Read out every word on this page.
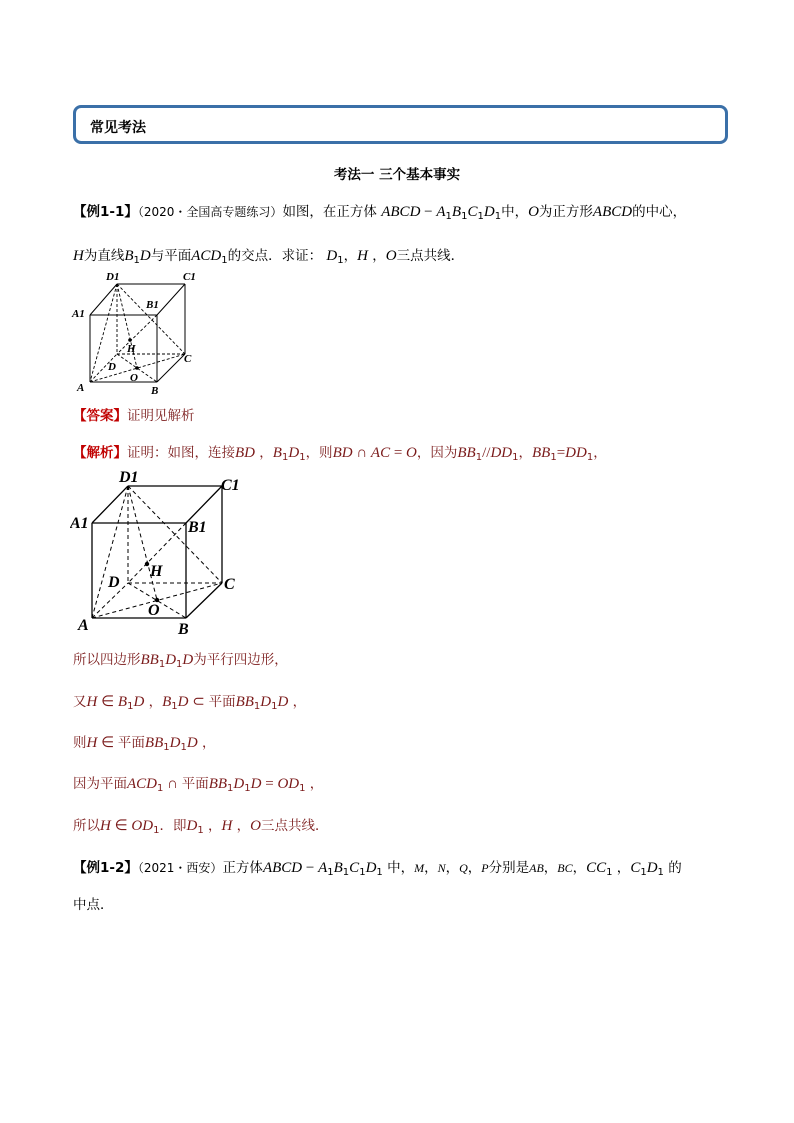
常见考法
考法一 三个基本事实
【例1-1】（2020・全国高专题练习）如图，在正方体 ABCD − $A_1B_1C_1D_1$中，O为正方形ABCD的中心，
H为直线$B_1D$与平面$ACD_1$的交点．求证： $D_1$，H ，O三点共线．
D1	C1
B1
A1
H
C
D
O
A	B
【答案】证明见解析
【解析】证明：如图，连接BD ，$B_1D_1$，则BD ∩ AC = O，因为$BB_1//DD_1$，$BB_1=DD_1$，
D1	C1
A1	B1
H
D	C
O
A	B
所以四边形$BB_1D_1D$为平行四边形，
又H ∈ $B_1D$ ，$B_1D$ ⊂ 平面$BB_1D_1D$ ，
则H ∈ 平面$BB_1D_1D$ ，
因为平面$ACD_1$ ∩ 平面$BB_1D_1D = OD_1$ ，
所以H ∈ $OD_1$．即$D_1$ ，H ，O三点共线．
【例1-2】（2021・西安）正方体ABCD − $A_1B_1C_1D_1$ 中，M，N，Q，P分别是AB，BC，$CC_1$ ，$C_1D_1$ 的
中点．
